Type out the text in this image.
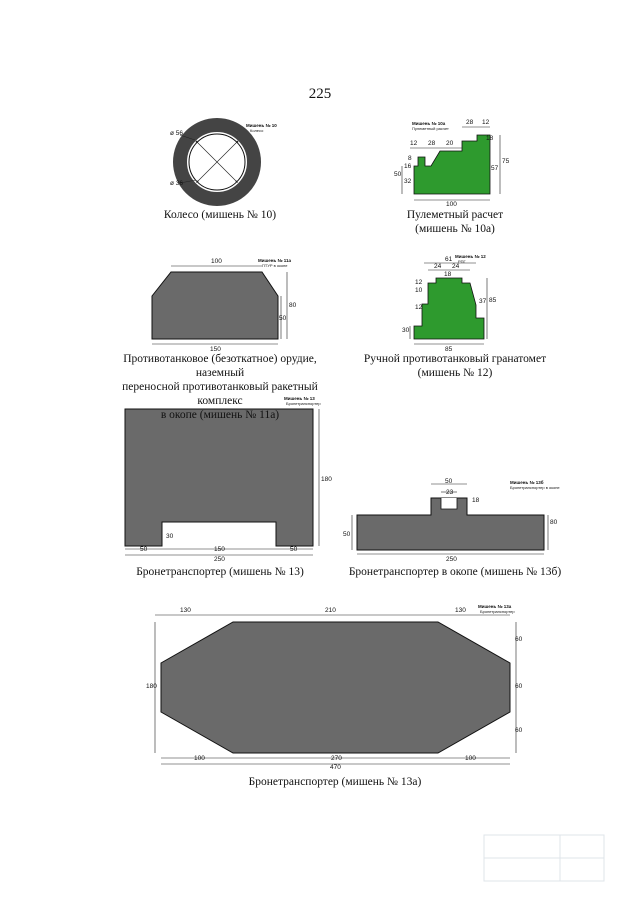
225
ø 56
ø 36
Мишень № 10
Колесо
Мишень № 10а
Пулеметный расчет
28 12
12 28 20
18
8
16
50
32
75
57
100
100
80
50
150
Мишень № 11а
ПТУР в окопе
Мишень № 12
РПГ
61
24 24
18
12
10
37 85
12
30
85
Мишень № 13
Бронетранспортер
180
30
50	150	50
250
Мишень № 13б
Бронетранспортер в окопе
50
23
18
80
50
250
Мишень № 13а
Бронетранспортер
130	210	130
60
180	60
60
100	270	100
470
Колесо (мишень № 10)	Пулеметный расчет
(мишень № 10а)
Противотанковое (безоткатное) орудие, наземный
переносной противотанковый ракетный комплекс
в окопе (мишень № 11а)
Ручной противотанковый гранатомет
(мишень № 12)
Бронетранспортер (мишень № 13)	Бронетранспортер в окопе (мишень № 13б)
Бронетранспортер (мишень № 13а)
